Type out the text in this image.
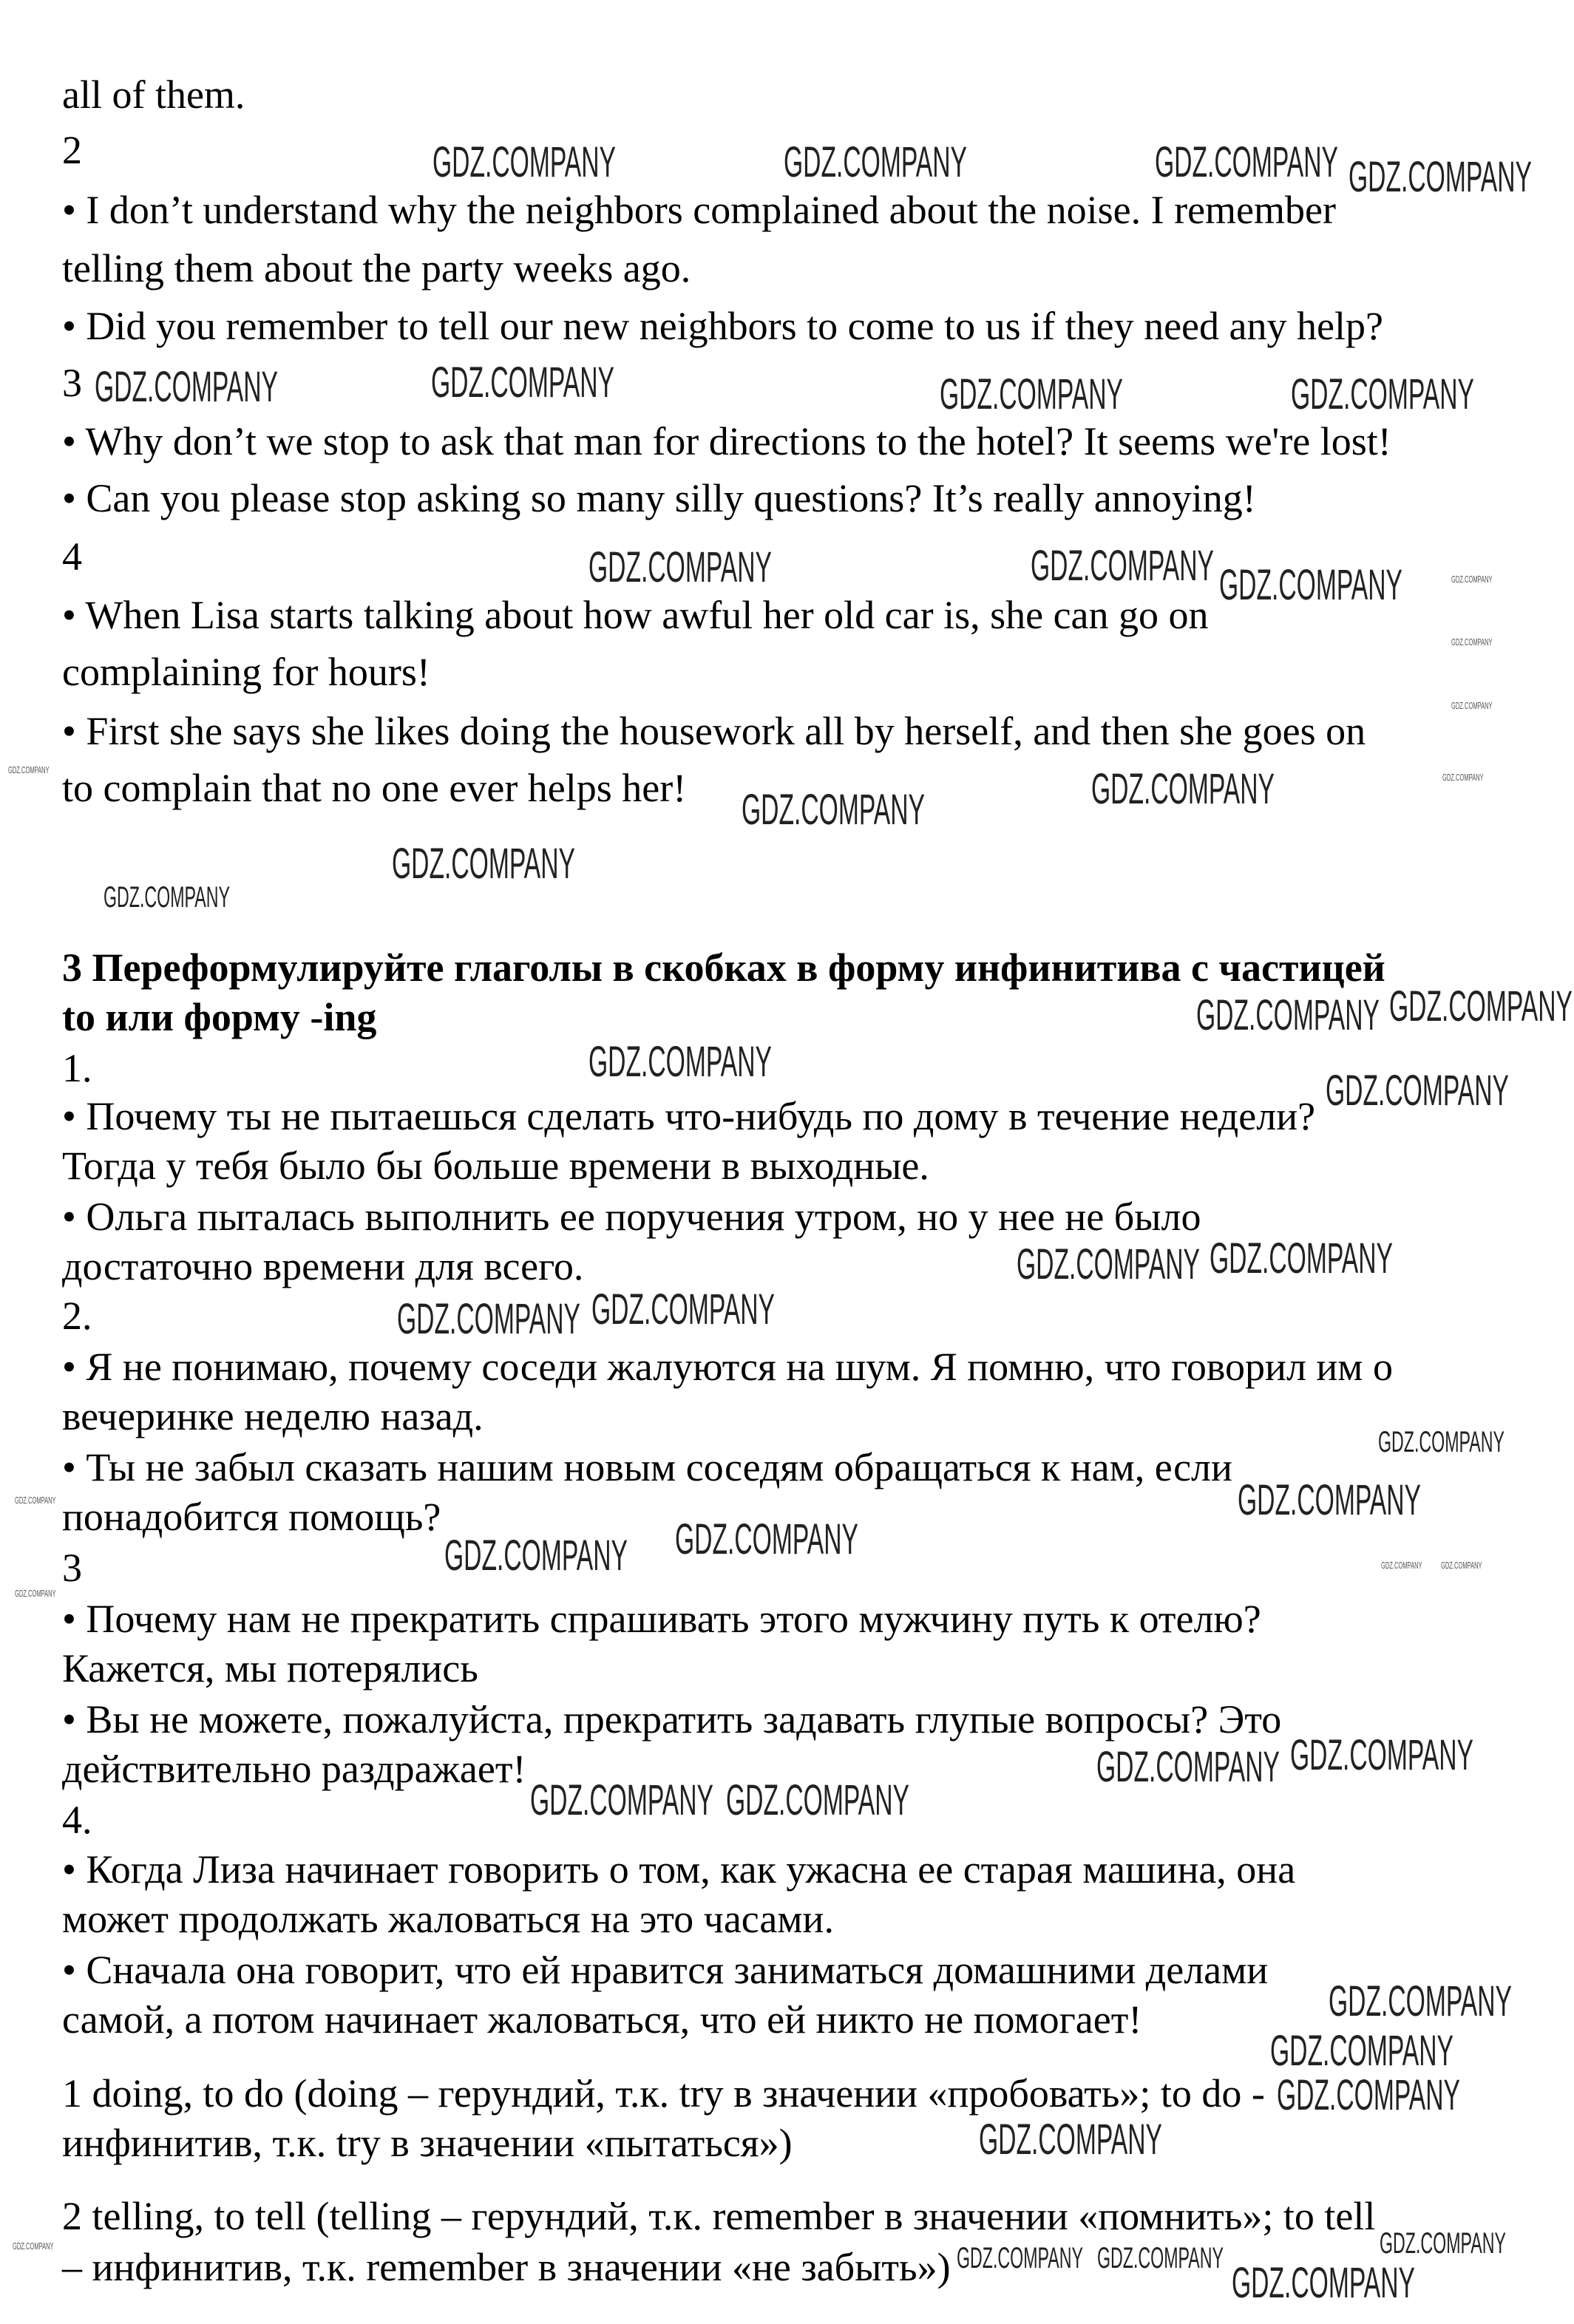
all of them.
2
• I don’t understand why the neighbors complained about the noise. I remember
telling them about the party weeks ago.
• Did you remember to tell our new neighbors to come to us if they need any help?
3
• Why don’t we stop to ask that man for directions to the hotel? It seems we're lost!
• Can you please stop asking so many silly questions? It’s really annoying!
4
• When Lisa starts talking about how awful her old car is, she can go on
complaining for hours!
• First she says she likes doing the housework all by herself, and then she goes on
to complain that no one ever helps her!
3 Переформулируйте глаголы в скобках в форму инфинитива с частицей
to или форму -ing
1.
• Почему ты не пытаешься сделать что-нибудь по дому в течение недели?
Тогда у тебя было бы больше времени в выходные.
• Ольга пыталась выполнить ее поручения утром, но у нее не было
достаточно времени для всего.
2.
• Я не понимаю, почему соседи жалуются на шум. Я помню, что говорил им о
вечеринке неделю назад.
• Ты не забыл сказать нашим новым соседям обращаться к нам, если
понадобится помощь?
3
• Почему нам не прекратить спрашивать этого мужчину путь к отелю?
Кажется, мы потерялись
• Вы не можете, пожалуйста, прекратить задавать глупые вопросы? Это
действительно раздражает!
4.
• Когда Лиза начинает говорить о том, как ужасна ее старая машина, она
может продолжать жаловаться на это часами.
• Сначала она говорит, что ей нравится заниматься домашними делами
самой, а потом начинает жаловаться, что ей никто не помогает!
1 doing, to do (doing – герундий, т.к. try в значении «пробовать»; to do -
инфинитив, т.к. try в значении «пытаться»)
2 telling, to tell (telling – герундий, т.к. remember в значении «помнить»; to tell
– инфинитив, т.к. remember в значении «не забыть»)
GDZ.COMPANY
GDZ.COMPANY	GDZ.COMPANY	GDZ.COMPANY
GDZ.COMPANY	GDZ.COMPANY	GDZ.COMPANY	GDZ.COMPANY
GDZ.COMPANY
GDZ.COMPANY	GDZ.COMPANY
GDZ.COMPANY	GDZ.COMPANY
GDZ.COMPANY
GDZ.COMPANY
GDZ.COMPANY
GDZ.COMPANY
GDZ.COMPANY
GDZ.COMPANY
GDZ.COMPANY
GDZ.COMPANY
GDZ.COMPANY
GDZ.COMPANY
GDZ.COMPANY
GDZ.COMPANY
GDZ.COMPANY
GDZ.COMPANY
GDZ.COMPANY
GDZ.COMPANY
GDZ.COMPANY GDZ.COMPANY
GDZ.COMPANY
GDZ.COMPANY
GDZ.COMPANY
GDZ.COMPANY
GDZ.COMPANY
GDZ.COMPANY GDZ.COMPANY
GDZ.COMPANY
GDZ.COMPANY
GDZ.COMPANY
GDZ.COMPANY
GDZ.COMPANY
GDZ.COMPANY
GDZ.COMPANY
GDZ.COMPANY
GDZ.COMPANY GDZ.COMPANY
GDZ.COMPANY
